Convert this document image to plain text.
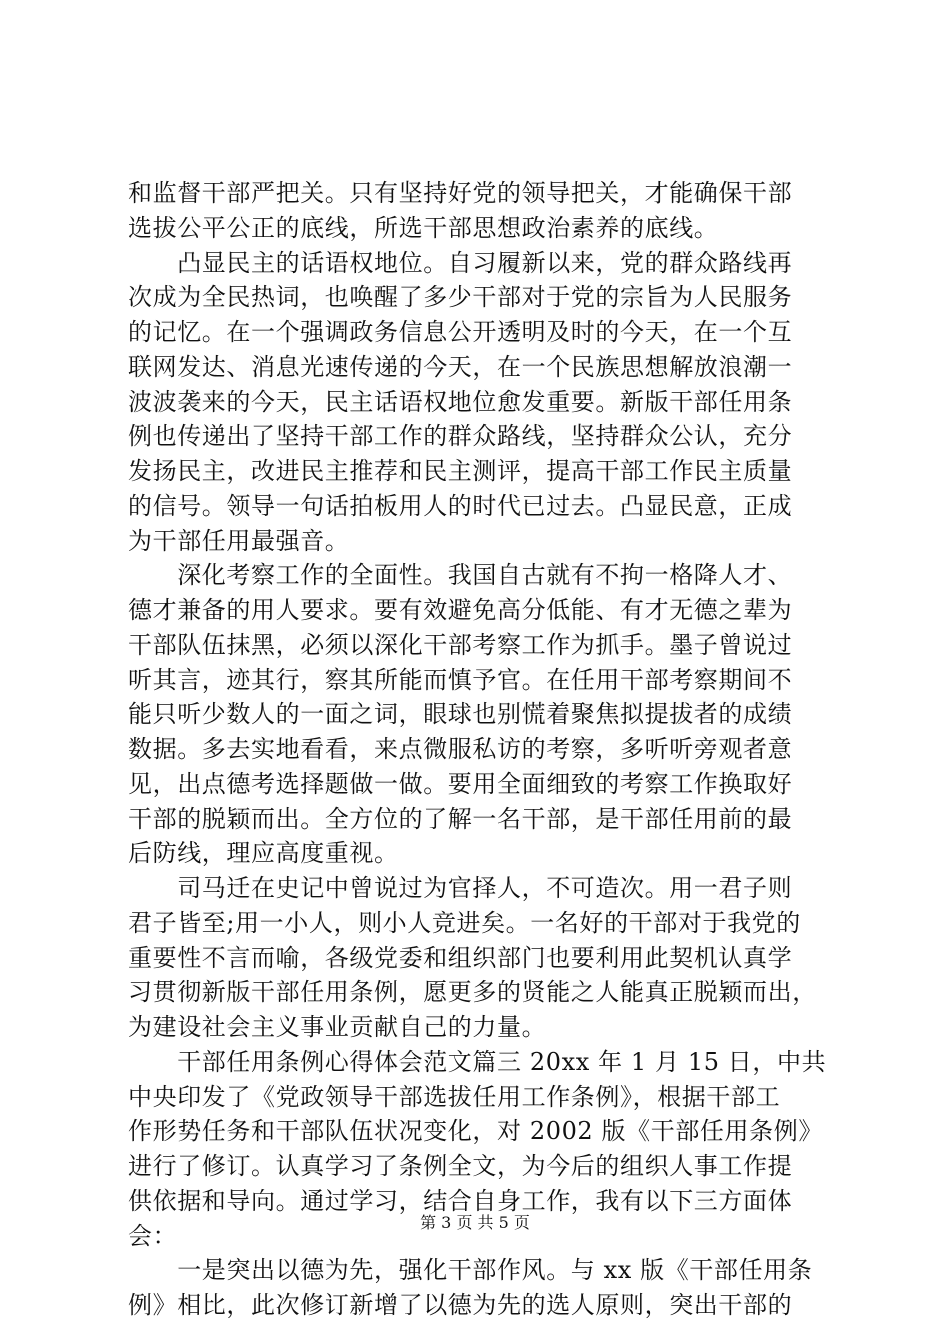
和监督干部严把关。只有坚持好党的领导把关，才能确保干部
选拔公平公正的底线，所选干部思想政治素养的底线。
　　凸显民主的话语权地位。自习履新以来，党的群众路线再
次成为全民热词，也唤醒了多少干部对于党的宗旨为人民服务
的记忆。在一个强调政务信息公开透明及时的今天，在一个互
联网发达、消息光速传递的今天，在一个民族思想解放浪潮一
波波袭来的今天，民主话语权地位愈发重要。新版干部任用条
例也传递出了坚持干部工作的群众路线，坚持群众公认，充分
发扬民主，改进民主推荐和民主测评，提高干部工作民主质量
的信号。领导一句话拍板用人的时代已过去。凸显民意，正成
为干部任用最强音。
　　深化考察工作的全面性。我国自古就有不拘一格降人才、
德才兼备的用人要求。要有效避免高分低能、有才无德之辈为
干部队伍抹黑，必须以深化干部考察工作为抓手。墨子曾说过
听其言，迹其行，察其所能而慎予官。在任用干部考察期间不
能只听少数人的一面之词，眼球也别慌着聚焦拟提拔者的成绩
数据。多去实地看看，来点微服私访的考察，多听听旁观者意
见，出点德考选择题做一做。要用全面细致的考察工作换取好
干部的脱颖而出。全方位的了解一名干部，是干部任用前的最
后防线，理应高度重视。
　　司马迁在史记中曾说过为官择人，不可造次。用一君子则
君子皆至;用一小人，则小人竞进矣。一名好的干部对于我党的
重要性不言而喻，各级党委和组织部门也要利用此契机认真学
习贯彻新版干部任用条例，愿更多的贤能之人能真正脱颖而出，
为建设社会主义事业贡献自己的力量。
　　干部任用条例心得体会范文篇三 20xx 年 1 月 15 日，中共
中央印发了《党政领导干部选拔任用工作条例》，根据干部工
作形势任务和干部队伍状况变化，对 2002 版《干部任用条例》
进行了修订。认真学习了条例全文，为今后的组织人事工作提
供依据和导向。通过学习，结合自身工作，我有以下三方面体
会：
　　一是突出以德为先，强化干部作风。与 xx 版《干部任用条
例》相比，此次修订新增了以德为先的选人原则，突出干部的
第 3 页 共 5 页
